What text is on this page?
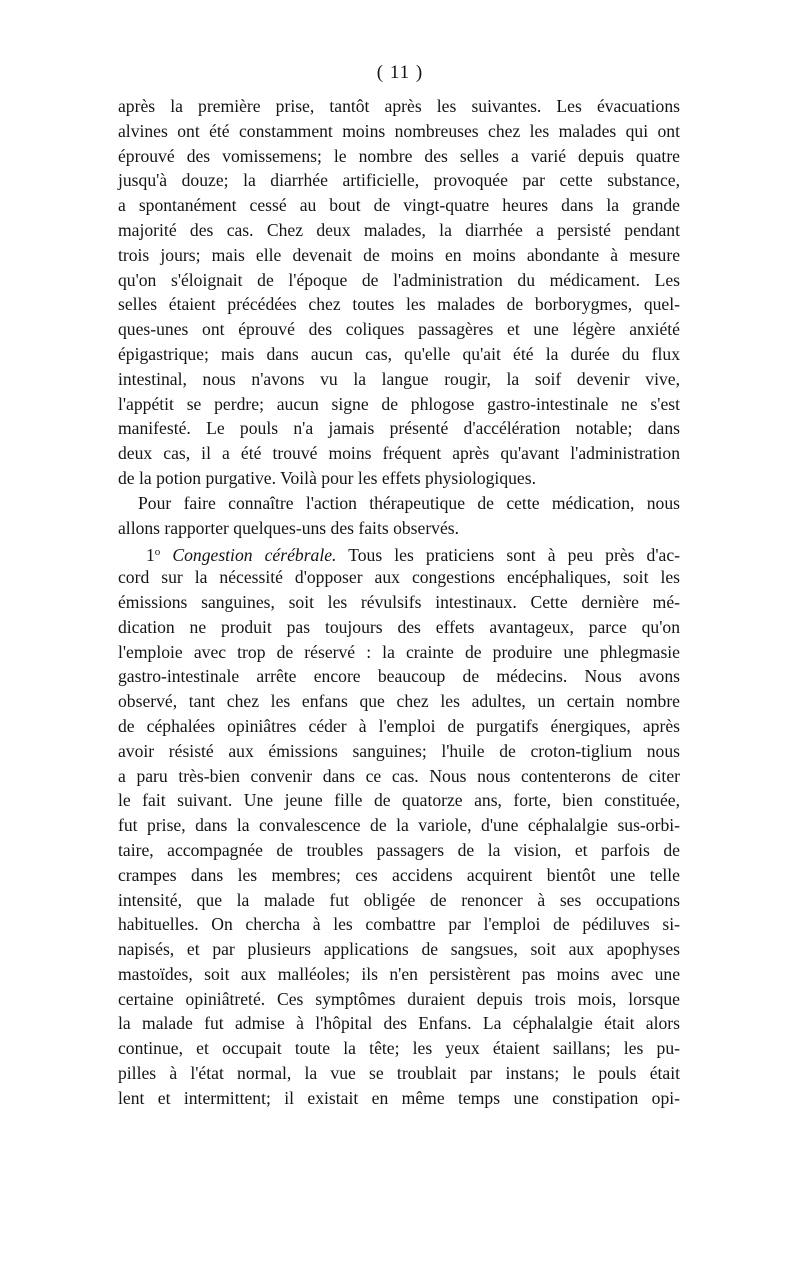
( 11 )
après la première prise, tantôt après les suivantes. Les évacuations
alvines ont été constamment moins nombreuses chez les malades qui ont
éprouvé des vomissemens; le nombre des selles a varié depuis quatre
jusqu'à douze; la diarrhée artificielle, provoquée par cette substance,
a spontanément cessé au bout de vingt-quatre heures dans la grande
majorité des cas. Chez deux malades, la diarrhée a persisté pendant
trois jours; mais elle devenait de moins en moins abondante à mesure
qu'on s'éloignait de l'époque de l'administration du médicament. Les
selles étaient précédées chez toutes les malades de borborygmes, quel-
ques-unes ont éprouvé des coliques passagères et une légère anxiété
épigastrique; mais dans aucun cas, qu'elle qu'ait été la durée du flux
intestinal, nous n'avons vu la langue rougir, la soif devenir vive,
l'appétit se perdre; aucun signe de phlogose gastro-intestinale ne s'est
manifesté. Le pouls n'a jamais présenté d'accélération notable; dans
deux cas, il a été trouvé moins fréquent après qu'avant l'administration
de la potion purgative. Voilà pour les effets physiologiques.
Pour faire connaître l'action thérapeutique de cette médication, nous
allons rapporter quelques-uns des faits observés.
1$^o$ Congestion cérébrale. Tous les praticiens sont à peu près d'ac-
cord sur la nécessité d'opposer aux congestions encéphaliques, soit les
émissions sanguines, soit les révulsifs intestinaux. Cette dernière mé-
dication ne produit pas toujours des effets avantageux, parce qu'on
l'emploie avec trop de réservé : la crainte de produire une phlegmasie
gastro-intestinale arrête encore beaucoup de médecins. Nous avons
observé, tant chez les enfans que chez les adultes, un certain nombre
de céphalées opiniâtres céder à l'emploi de purgatifs énergiques, après
avoir résisté aux émissions sanguines; l'huile de croton-tiglium nous
a paru très-bien convenir dans ce cas. Nous nous contenterons de citer
le fait suivant. Une jeune fille de quatorze ans, forte, bien constituée,
fut prise, dans la convalescence de la variole, d'une céphalalgie sus-orbi-
taire, accompagnée de troubles passagers de la vision, et parfois de
crampes dans les membres; ces accidens acquirent bientôt une telle
intensité, que la malade fut obligée de renoncer à ses occupations
habituelles. On chercha à les combattre par l'emploi de pédiluves si-
napisés, et par plusieurs applications de sangsues, soit aux apophyses
mastoïdes, soit aux malléoles; ils n'en persistèrent pas moins avec une
certaine opiniâtreté. Ces symptômes duraient depuis trois mois, lorsque
la malade fut admise à l'hôpital des Enfans. La céphalalgie était alors
continue, et occupait toute la tête; les yeux étaient saillans; les pu-
pilles à l'état normal, la vue se troublait par instans; le pouls était
lent et intermittent; il existait en même temps une constipation opi-
